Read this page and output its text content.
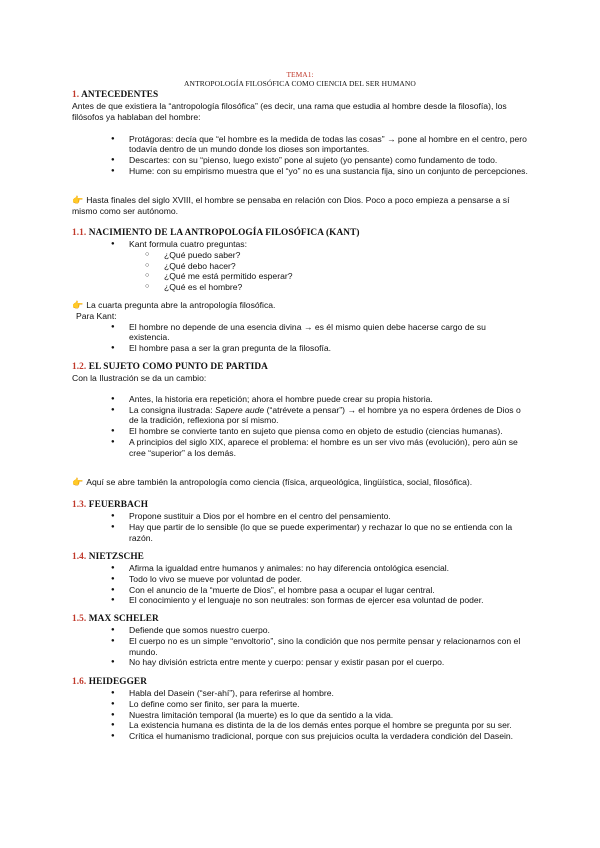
TEMA1:
ANTROPOLOGÍA FILOSÓFICA COMO CIENCIA DEL SER HUMANO
1. ANTECEDENTES

Antes de que existiera la “antropología filosófica” (es decir, una rama que estudia al hombre desde la filosofía), los filósofos ya hablaban del hombre:

● Protágoras: decía que “el hombre es la medida de todas las cosas” → pone al hombre en el centro, pero todavía dentro de un mundo donde los dioses son importantes.
● Descartes: con su “pienso, luego existo” pone al sujeto (yo pensante) como fundamento de todo.
● Hume: con su empirismo muestra que el “yo” no es una sustancia fija, sino un conjunto de percepciones.

👉 Hasta finales del siglo XVIII, el hombre se pensaba en relación con Dios. Poco a poco empieza a pensarse a sí mismo como ser autónomo.

1.1. NACIMIENTO DE LA ANTROPOLOGÍA FILOSÓFICA (KANT)
● Kant formula cuatro preguntas:
○ ¿Qué puedo saber?
○ ¿Qué debo hacer?
○ ¿Qué me está permitido esperar?
○ ¿Qué es el hombre?

👉 La cuarta pregunta abre la antropología filosófica.

Para Kant:

● El hombre no depende de una esencia divina → es él mismo quien debe hacerse cargo de su existencia.
● El hombre pasa a ser la gran pregunta de la filosofía.
1.2. EL SUJETO COMO PUNTO DE PARTIDA

Con la Ilustración se da un cambio:

● Antes, la historia era repetición; ahora el hombre puede crear su propia historia.
● La consigna ilustrada: Sapere aude (“atrévete a pensar”) → el hombre ya no espera órdenes de Dios o de la tradición, reflexiona por sí mismo.
● El hombre se convierte tanto en sujeto que piensa como en objeto de estudio (ciencias humanas).
● A principios del siglo XIX, aparece el problema: el hombre es un ser vivo más (evolución), pero aún se cree “superior” a los demás.

👉 Aquí se abre también la antropología como ciencia (física, arqueológica, lingüística, social, filosófica).

1.3. FEUERBACH
● Propone sustituir a Dios por el hombre en el centro del pensamiento.
● Hay que partir de lo sensible (lo que se puede experimentar) y rechazar lo que no se entienda con la razón.
1.4. NIETZSCHE
● Afirma la igualdad entre humanos y animales: no hay diferencia ontológica esencial.
● Todo lo vivo se mueve por voluntad de poder.
● Con el anuncio de la “muerte de Dios”, el hombre pasa a ocupar el lugar central.
● El conocimiento y el lenguaje no son neutrales: son formas de ejercer esa voluntad de poder.
1.5. MAX SCHELER
● Defiende que somos nuestro cuerpo.
● El cuerpo no es un simple “envoltorio”, sino la condición que nos permite pensar y relacionarnos con el mundo.
● No hay división estricta entre mente y cuerpo: pensar y existir pasan por el cuerpo.
1.6. HEIDEGGER
● Habla del Dasein (“ser-ahí”), para referirse al hombre.
● Lo define como ser finito, ser para la muerte.
● Nuestra limitación temporal (la muerte) es lo que da sentido a la vida.
● La existencia humana es distinta de la de los demás entes porque el hombre se pregunta por su ser.
● Crítica el humanismo tradicional, porque con sus prejuicios oculta la verdadera condición del Dasein.
